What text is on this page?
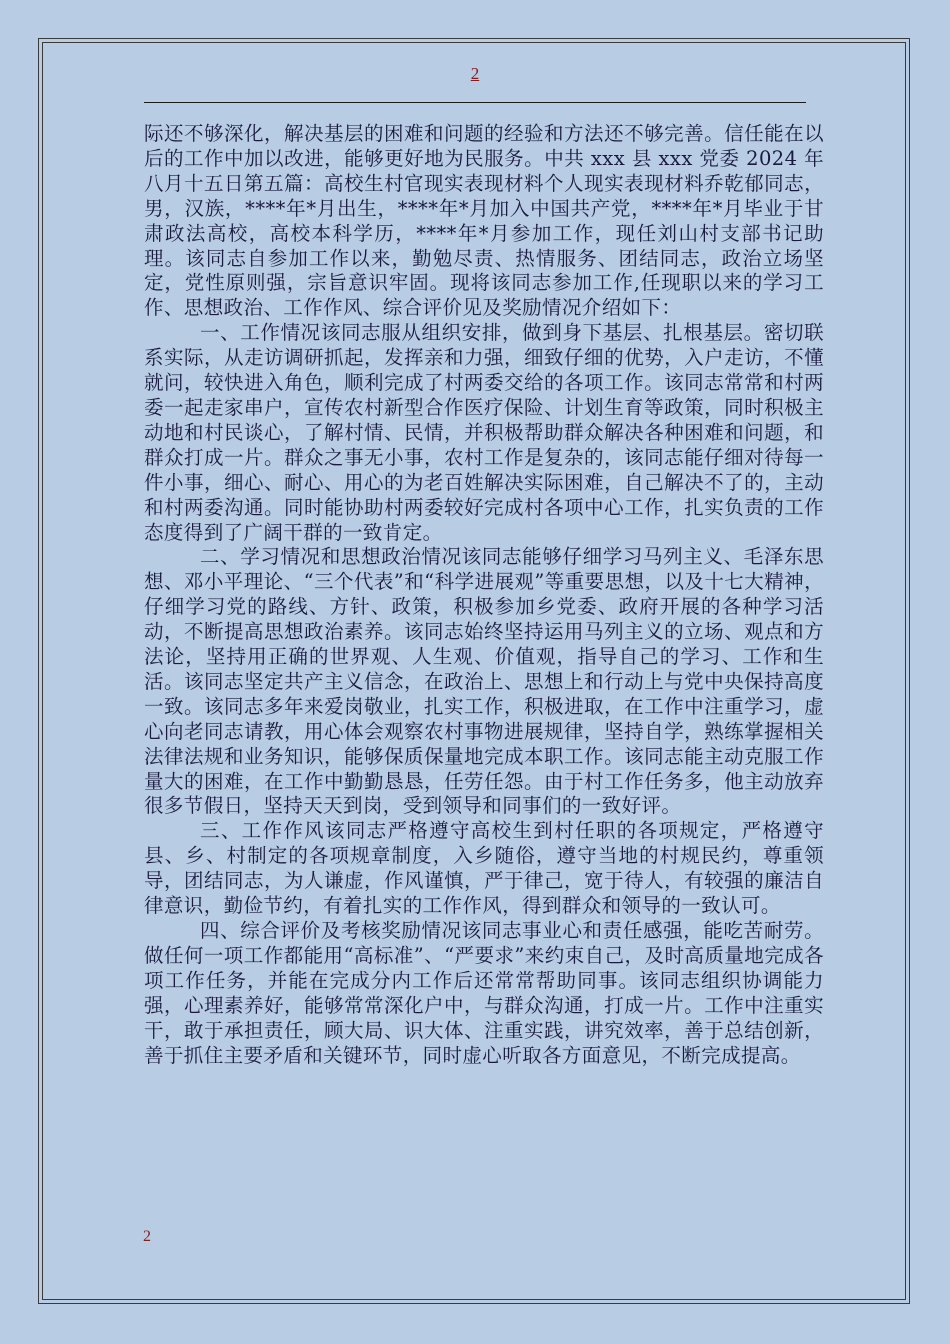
2

际还不够深化，解决基层的困难和问题的经验和方法还不够完善。信任能在以后的工作中加以改进，能够更好地为民服务。中共 xxx 县 xxx 党委 2024 年八月十五日第五篇：高校生村官现实表现材料个人现实表现材料乔乾郁同志，男，汉族，****年*月出生，****年*月加入中国共产党，****年*月毕业于甘肃政法高校，高校本科学历，****年*月参加工作，现任刘山村支部书记助理。该同志自参加工作以来，勤勉尽责、热情服务、团结同志，政治立场坚定，党性原则强，宗旨意识牢固。现将该同志参加工作,任现职以来的学习工作、思想政治、工作作风、综合评价见及奖励情况介绍如下：

一、工作情况该同志服从组织安排，做到身下基层、扎根基层。密切联系实际，从走访调研抓起，发挥亲和力强，细致仔细的优势，入户走访，不懂就问，较快进入角色，顺利完成了村两委交给的各项工作。该同志常常和村两委一起走家串户，宣传农村新型合作医疗保险、计划生育等政策，同时积极主动地和村民谈心，了解村情、民情，并积极帮助群众解决各种困难和问题，和群众打成一片。群众之事无小事，农村工作是复杂的，该同志能仔细对待每一件小事，细心、耐心、用心的为老百姓解决实际困难，自己解决不了的，主动和村两委沟通。同时能协助村两委较好完成村各项中心工作，扎实负责的工作态度得到了广阔干群的一致肯定。

二、学习情况和思想政治情况该同志能够仔细学习马列主义、毛泽东思想、邓小平理论、“三个代表”和“科学进展观”等重要思想，以及十七大精神，仔细学习党的路线、方针、政策，积极参加乡党委、政府开展的各种学习活动，不断提高思想政治素养。该同志始终坚持运用马列主义的立场、观点和方法论，坚持用正确的世界观、人生观、价值观，指导自己的学习、工作和生活。该同志坚定共产主义信念，在政治上、思想上和行动上与党中央保持高度一致。该同志多年来爱岗敬业，扎实工作，积极进取，在工作中注重学习，虚心向老同志请教，用心体会观察农村事物进展规律，坚持自学，熟练掌握相关法律法规和业务知识，能够保质保量地完成本职工作。该同志能主动克服工作量大的困难，在工作中勤勤恳恳，任劳任怨。由于村工作任务多，他主动放弃很多节假日，坚持天天到岗，受到领导和同事们的一致好评。

三、工作作风该同志严格遵守高校生到村任职的各项规定，严格遵守县、乡、村制定的各项规章制度，入乡随俗，遵守当地的村规民约，尊重领导，团结同志，为人谦虚，作风谨慎，严于律己，宽于待人，有较强的廉洁自律意识，勤俭节约，有着扎实的工作作风，得到群众和领导的一致认可。

四、综合评价及考核奖励情况该同志事业心和责任感强，能吃苦耐劳。做任何一项工作都能用“高标准”、“严要求”来约束自己，及时高质量地完成各项工作任务，并能在完成分内工作后还常常帮助同事。该同志组织协调能力强，心理素养好，能够常常深化户中，与群众沟通，打成一片。工作中注重实干，敢于承担责任，顾大局、识大体、注重实践，讲究效率，善于总结创新，善于抓住主要矛盾和关键环节，同时虚心听取各方面意见，不断完成提高。

2
